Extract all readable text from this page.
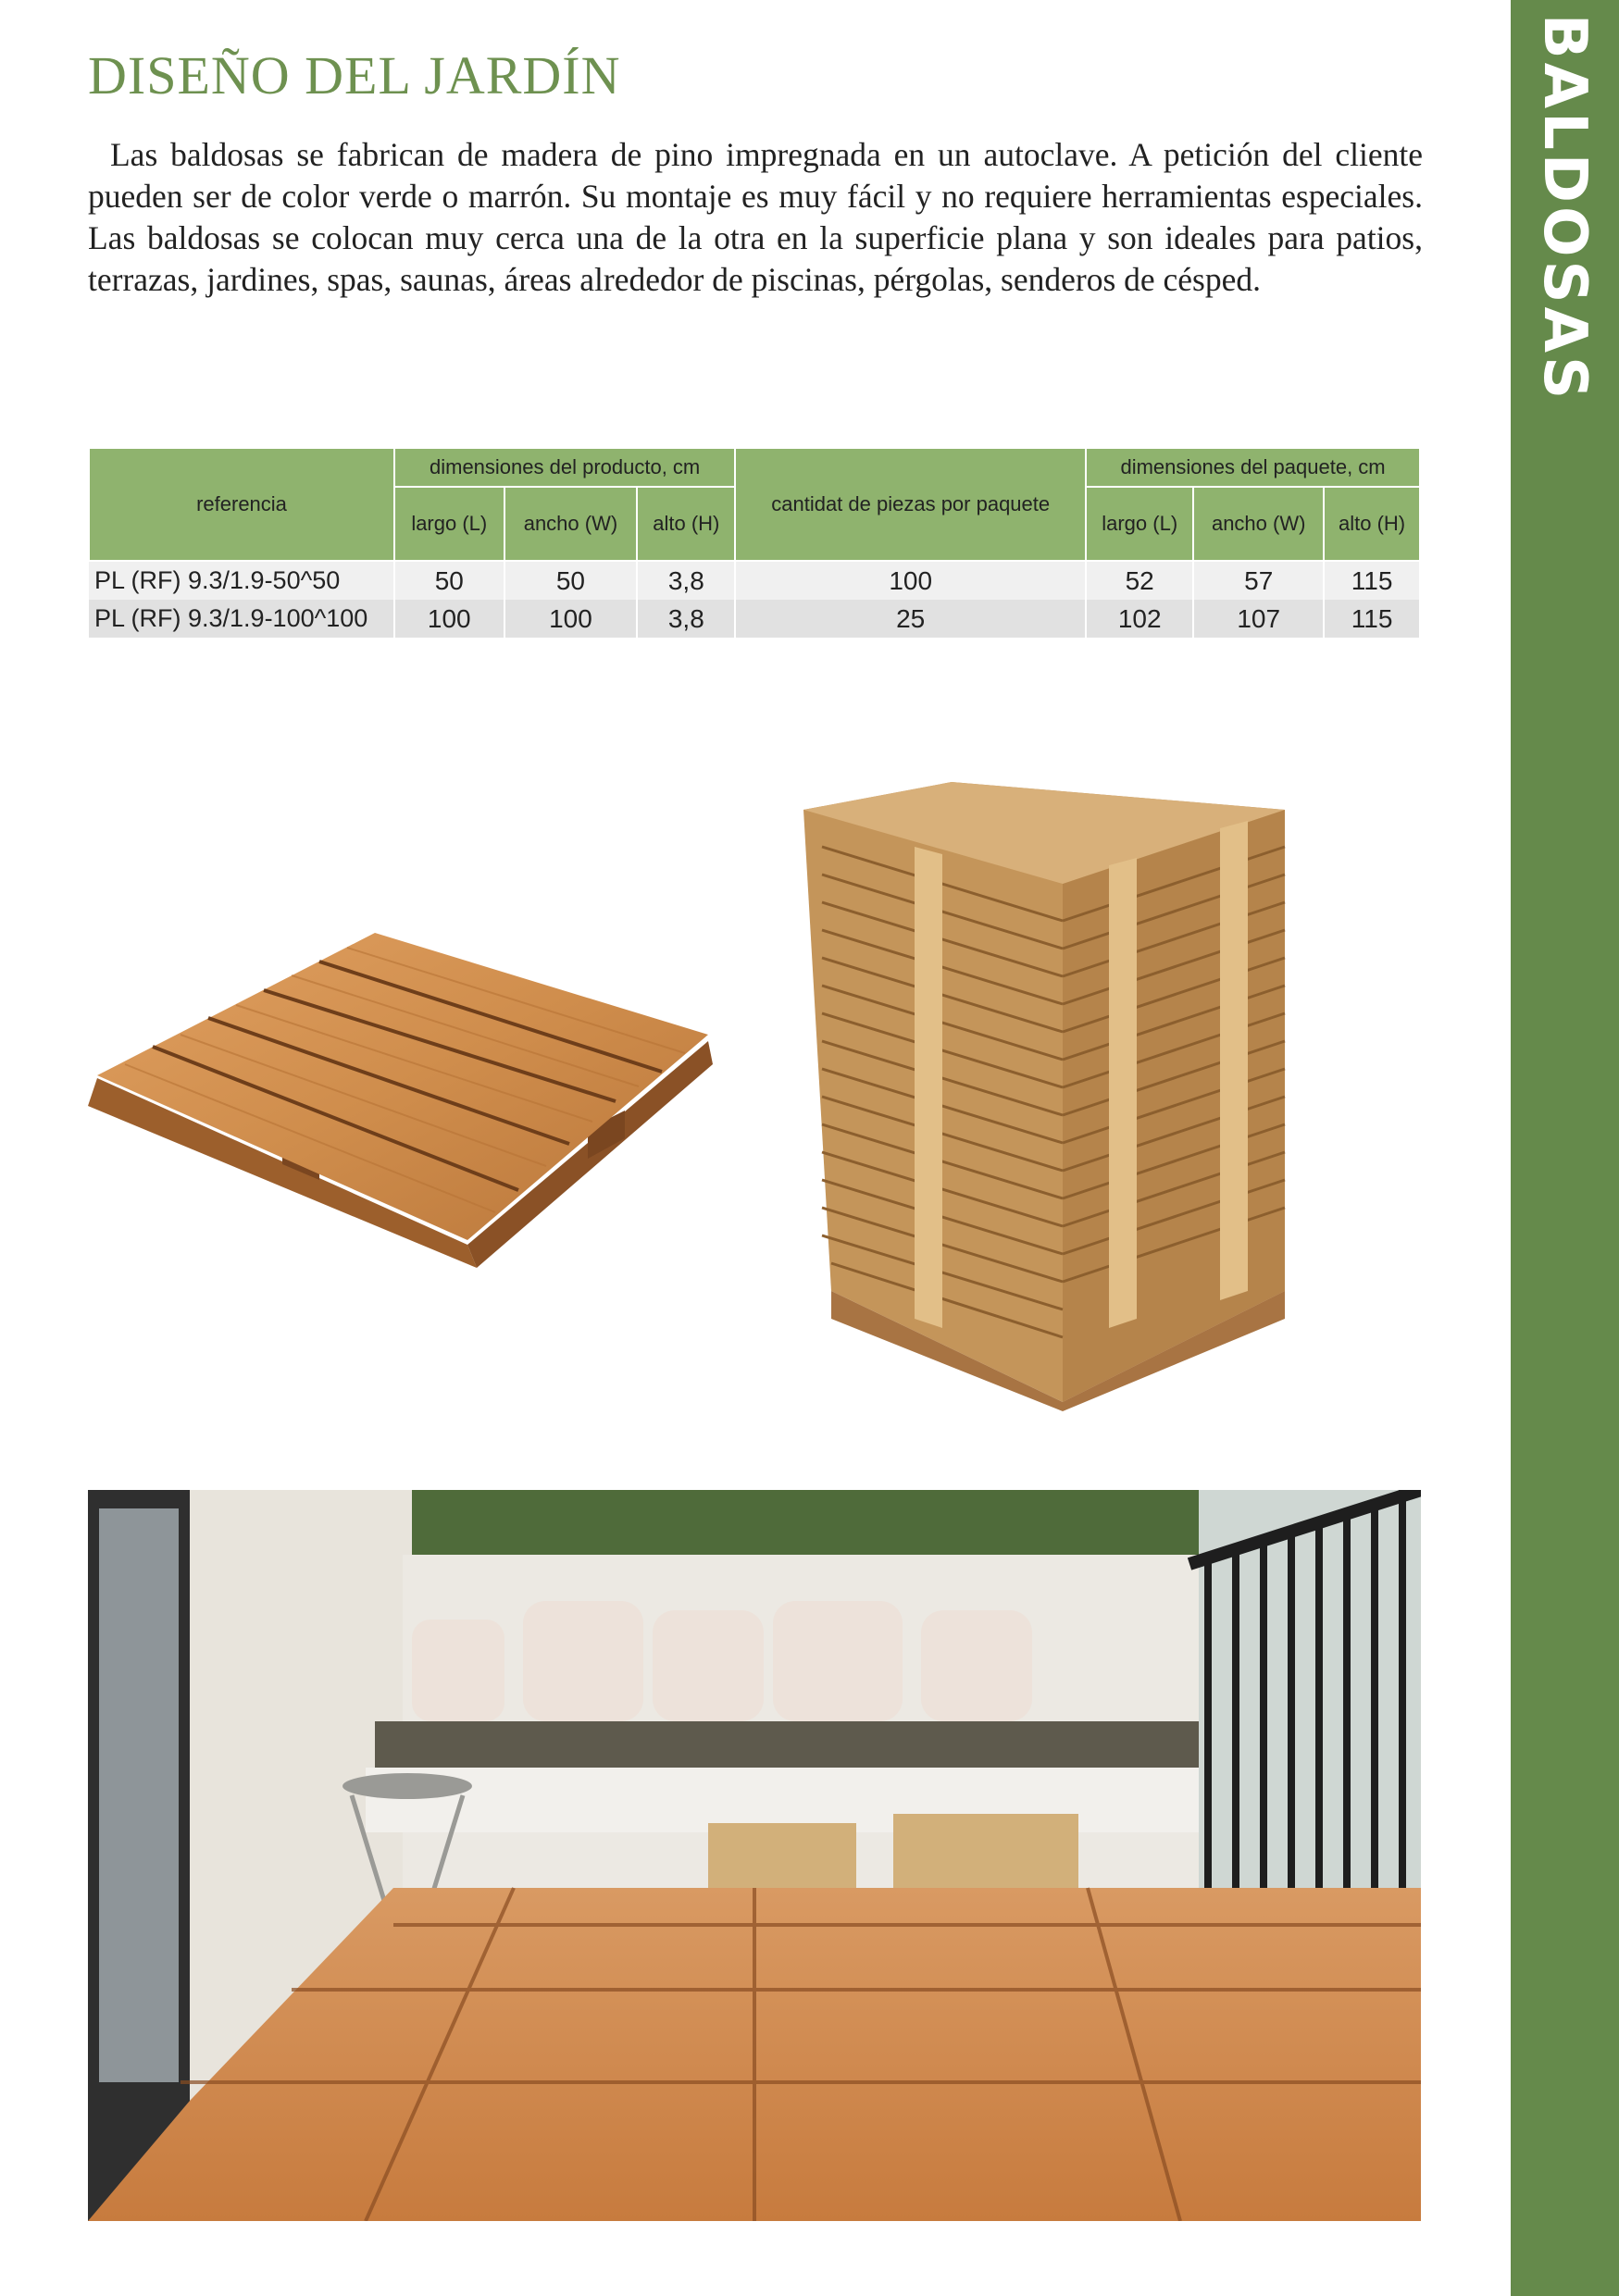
BALDOSAS
DISEÑO DEL JARDÍN

Las baldosas se fabrican de madera de pino impregnada en un autoclave. A petición del cliente pueden ser de color verde o marrón. Su montaje es muy fácil y no requiere herramientas especiales. Las baldosas se colocan muy cerca una de la otra en la superficie plana y son ideales para patios, terrazas, jardines, spas, saunas, áreas alrededor de piscinas, pérgolas, senderos de césped.

referencia	dimensiones del producto, cm			cantidat de piezas por paquete	dimensiones del paquete, cm		
	largo (L)	ancho (W)	alto (H)		largo (L)	ancho (W)	alto (H)
PL (RF) 9.3/1.9-50^50	50	50	3,8	100	52	57	115
PL (RF) 9.3/1.9-100^100	100	100	3,8	25	102	107	115
